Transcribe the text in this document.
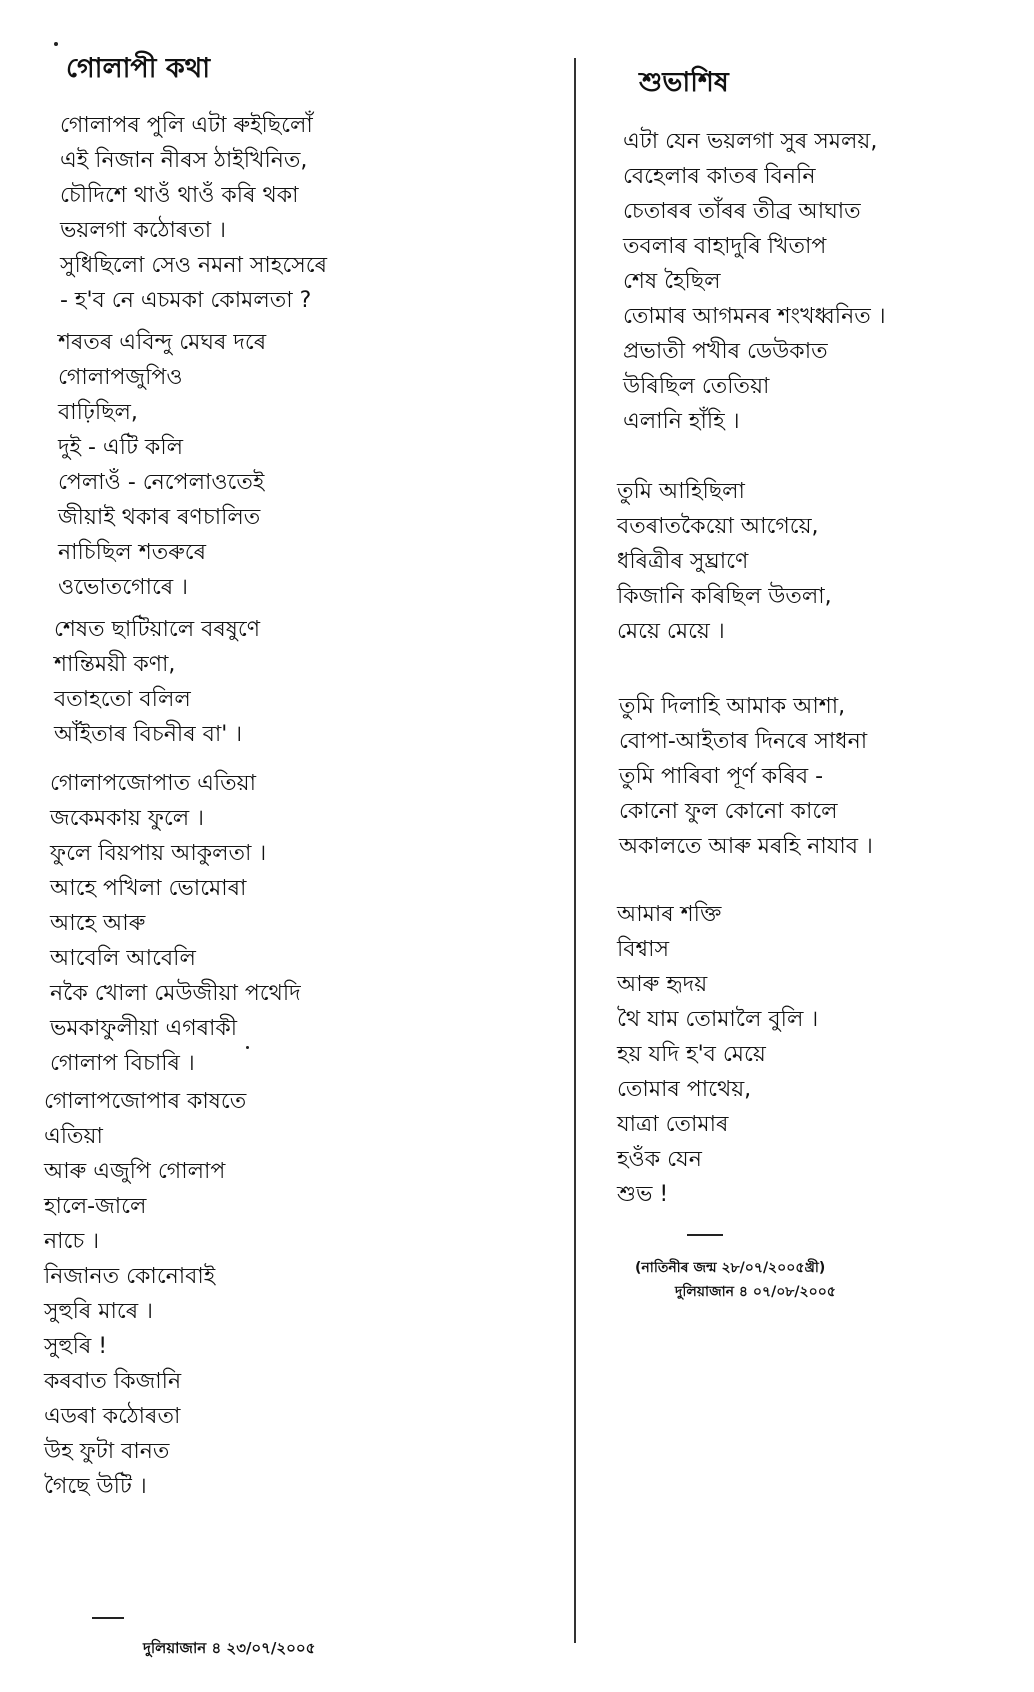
গোলাপী কথা
গোলাপৰ পুলি এটা ৰুইছিলোঁ
এই নিজান নীৰস ঠাইখিনিত,
চৌদিশে থাওঁ থাওঁ কৰি থকা
ভয়লগা কঠোৰতা ।
সুধিছিলো সেও নমনা সাহসেৰে
- হ'ব নে এচমকা কোমলতা ?
শৰতৰ এবিন্দু মেঘৰ দৰে
গোলাপজুপিও
বাঢ়িছিল,
দুই - এটি কলি
পেলাওঁ - নেপেলাওতেই
জীয়াই থকাৰ ৰণচালিত
নাচিছিল শতৰুৰে
ওভোতগোৰে ।
শেষত ছাটিয়ালে বৰষুণে
শান্তিময়ী কণা,
বতাহতো বলিল
আঁইতাৰ বিচনীৰ বা' ।
গোলাপজোপাত এতিয়া
জকেমকায় ফুলে ।
ফুলে বিয়পায় আকুলতা ।
আহে পখিলা ভোমোৰা
আহে আৰু
আবেলি আবেলি
নকৈ খোলা মেউজীয়া পথেদি
ভমকাফুলীয়া এগৰাকী
গোলাপ বিচাৰি ।
গোলাপজোপাৰ কাষতে
এতিয়া
আৰু এজুপি গোলাপ
হালে-জালে
নাচে ।
নিজানত কোনোবাই
সুহুৰি মাৰে ।
সুহুৰি !
কৰবাত কিজানি
এডৰা কঠোৰতা
উহ ফুটা বানত
গৈছে উটি ।
দুলিয়াজান ৪ ২৩/০৭/২০০৫
শুভাশিষ
এটা যেন ভয়লগা সুৰ সমলয়,
বেহেলাৰ কাতৰ বিননি
চেতাৰৰ তাঁৰৰ তীব্ৰ আঘাত
তবলাৰ বাহাদুৰি খিতাপ
শেষ হৈছিল
তোমাৰ আগমনৰ শংখধ্বনিত ।
প্ৰভাতী পখীৰ ডেউকাত
উৰিছিল তেতিয়া
এলানি হাঁহি ।
তুমি আহিছিলা
বতৰাতকৈয়ো আগেয়ে,
ধৰিত্ৰীৰ সুঘ্ৰাণে
কিজানি কৰিছিল উতলা,
মেয়ে মেয়ে ।
তুমি দিলাহি আমাক আশা,
বোপা-আইতাৰ দিনৰে সাধনা
তুমি পাৰিবা পূৰ্ণ কৰিব -
কোনো ফুল কোনো কালে
অকালতে আৰু মৰহি নাযাব ।
আমাৰ শক্তি
বিশ্বাস
আৰু হৃদয়
থৈ যাম তোমালৈ বুলি ।
হয় যদি হ'ব মেয়ে
তোমাৰ পাথেয়,
যাত্ৰা তোমাৰ
হওঁক যেন
শুভ !
(নাতিনীৰ জন্ম ২৮/০৭/২০০৫খ্ৰী)
দুলিয়াজান ৪ ০৭/০৮/২০০৫
